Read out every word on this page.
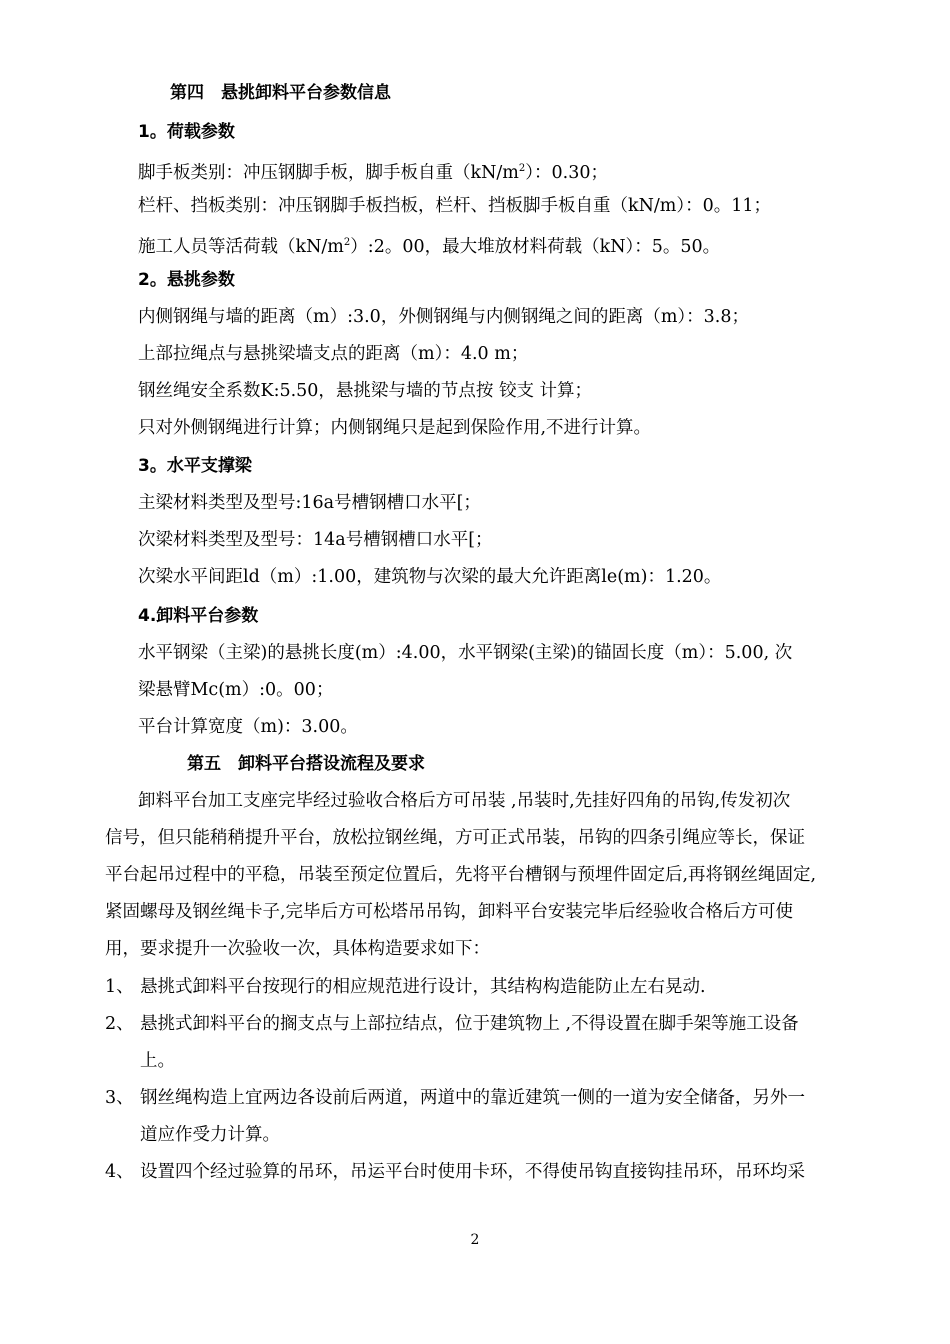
第四　悬挑卸料平台参数信息
1。荷载参数
脚手板类别：冲压钢脚手板，脚手板自重$(kN/m^2)$：0.30；
栏杆、挡板类别：冲压钢脚手板挡板，栏杆、挡板脚手板自重（kN/m）：0。11；
施工人员等活荷载$(kN/m^2):2$。00，最大堆放材料荷载（kN）：5。50。
2。悬挑参数
内侧钢绳与墙的距离（m）:3.0，外侧钢绳与内侧钢绳之间的距离（m）：3.8；
上部拉绳点与悬挑梁墙支点的距离（m）：4.0 m；
钢丝绳安全系数K:5.50，悬挑梁与墙的节点按 铰支 计算；
只对外侧钢绳进行计算；内侧钢绳只是起到保险作用,不进行计算。
3。水平支撑梁
主梁材料类型及型号:16a号槽钢槽口水平[；
次梁材料类型及型号：14a号槽钢槽口水平[；
次梁水平间距ld（m）:1.00，建筑物与次梁的最大允许距离le(m)：1.20。
4.卸料平台参数
水平钢梁（主梁)的悬挑长度(m）:4.00，水平钢梁(主梁)的锚固长度（m）：5.00, 次
梁悬臂Mc(m）:0。00；
平台计算宽度（m)：3.00。
第五　卸料平台搭设流程及要求
卸料平台加工支座完毕经过验收合格后方可吊装 ,吊装时,先挂好四角的吊钩,传发初次
信号，但只能稍稍提升平台，放松拉钢丝绳，方可正式吊装，吊钩的四条引绳应等长，保证
平台起吊过程中的平稳，吊装至预定位置后，先将平台槽钢与预埋件固定后,再将钢丝绳固定,
紧固螺母及钢丝绳卡子,完毕后方可松塔吊吊钩，卸料平台安装完毕后经验收合格后方可使
用，要求提升一次验收一次，具体构造要求如下：
1、 悬挑式卸料平台按现行的相应规范进行设计，其结构构造能防止左右晃动.
2、 悬挑式卸料平台的搁支点与上部拉结点，位于建筑物上 ,不得设置在脚手架等施工设备
上。
3、 钢丝绳构造上宜两边各设前后两道，两道中的靠近建筑一侧的一道为安全储备，另外一
道应作受力计算。
4、 设置四个经过验算的吊环，吊运平台时使用卡环，不得使吊钩直接钩挂吊环，吊环均采
2
